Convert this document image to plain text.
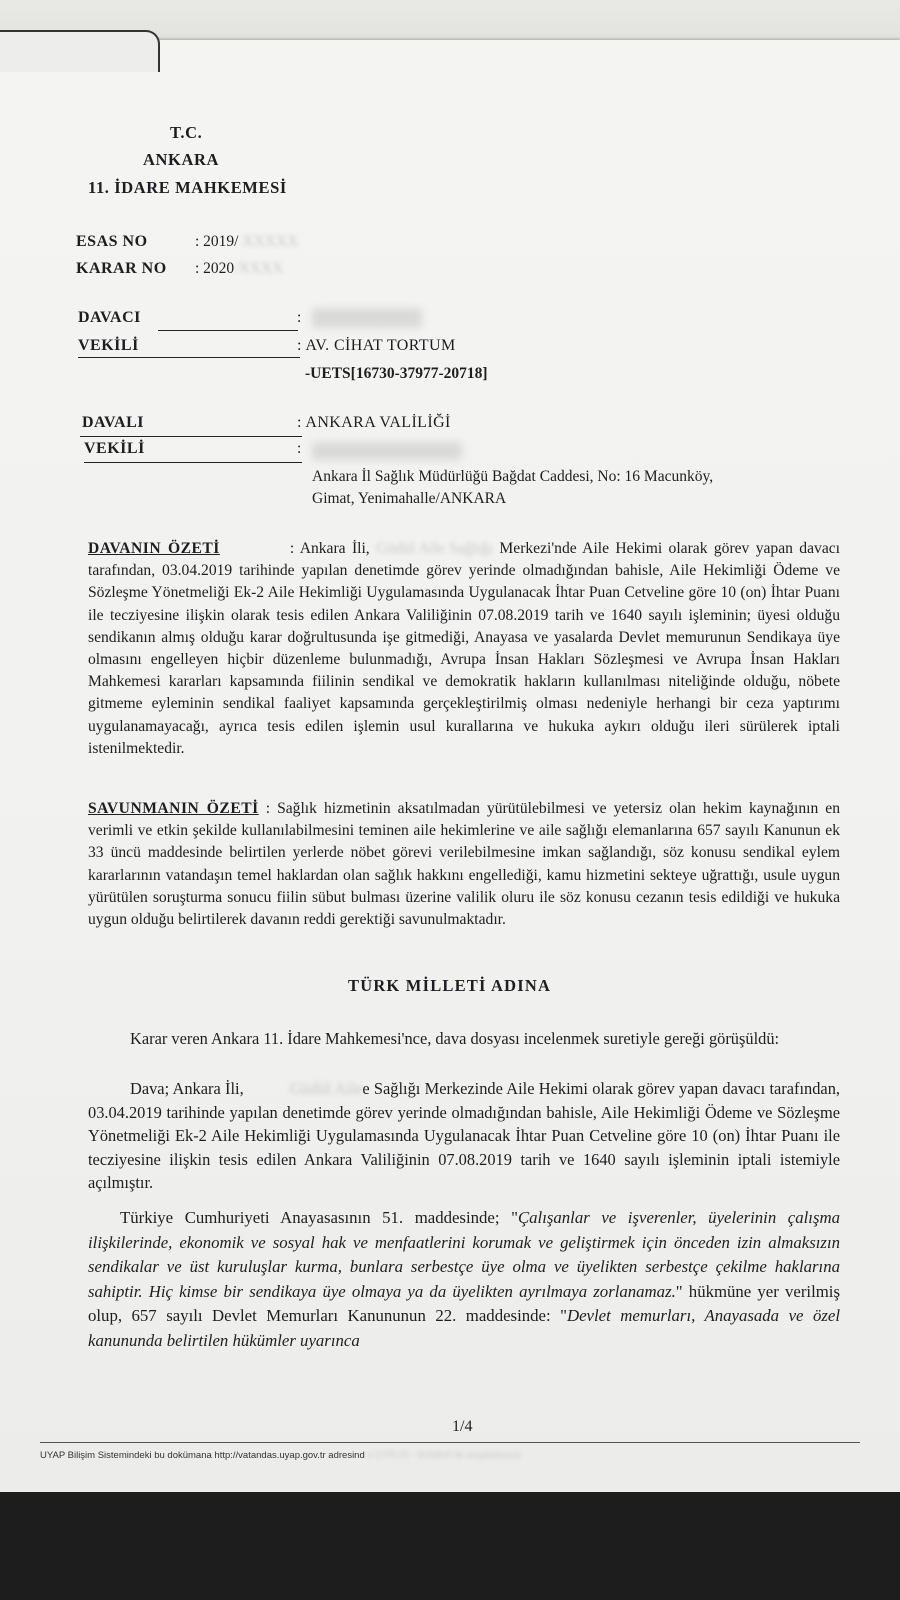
T.C.
ANKARA
11. İDARE MAHKEMESİ
ESAS NO	: 2019/ XXXXX
KARAR NO : 2020/XXXX
DAVACI	:
VEKİLİ	: AV. CİHAT TORTUM
-UETS[16730-37977-20718]
DAVALI	: ANKARA VALİLİĞİ
VEKİLİ	:
Ankara İl Sağlık Müdürlüğü Bağdat Caddesi, No: 16 Macunköy,
Gimat, Yenimahalle/ANKARA
DAVANIN ÖZETİ	: Ankara İli, Güdül Aile Sağlığı Merkezi'nde Aile Hekimi olarak görev yapan davacı tarafından, 03.04.2019 tarihinde yapılan denetimde görev yerinde olmadığından bahisle, Aile Hekimliği Ödeme ve Sözleşme Yönetmeliği Ek-2 Aile Hekimliği Uygulamasında Uygulanacak İhtar Puan Cetveline göre 10 (on) İhtar Puanı ile tecziyesine ilişkin olarak tesis edilen Ankara Valiliğinin 07.08.2019 tarih ve 1640 sayılı işleminin; üyesi olduğu sendikanın almış olduğu karar doğrultusunda işe gitmediği, Anayasa ve yasalarda Devlet memurunun Sendikaya üye olmasını engelleyen hiçbir düzenleme bulunmadığı, Avrupa İnsan Hakları Sözleşmesi ve Avrupa İnsan Hakları Mahkemesi kararları kapsamında fiilinin sendikal ve demokratik hakların kullanılması niteliğinde olduğu, nöbete gitmeme eyleminin sendikal faaliyet kapsamında gerçekleştirilmiş olması nedeniyle herhangi bir ceza yaptırımı uygulanamayacağı, ayrıca tesis edilen işlemin usul kurallarına ve hukuka aykırı olduğu ileri sürülerek iptali istenilmektedir.
SAVUNMANIN ÖZETİ : Sağlık hizmetinin aksatılmadan yürütülebilmesi ve yetersiz olan hekim kaynağının en verimli ve etkin şekilde kullanılabilmesini teminen aile hekimlerine ve aile sağlığı elemanlarına 657 sayılı Kanunun ek 33 üncü maddesinde belirtilen yerlerde nöbet görevi verilebilmesine imkan sağlandığı, söz konusu sendikal eylem kararlarının vatandaşın temel haklardan olan sağlık hakkını engellediği, kamu hizmetini sekteye uğrattığı, usule uygun yürütülen soruşturma sonucu fiilin sübut bulması üzerine valilik oluru ile söz konusu cezanın tesis edildiği ve hukuka uygun olduğu belirtilerek davanın reddi gerektiği savunulmaktadır.
TÜRK MİLLETİ ADINA
Karar veren Ankara 11. İdare Mahkemesi'nce, dava dosyası incelenmek suretiyle gereği görüşüldü:
Dava; Ankara İli,	Güdül Ailee Sağlığı Merkezinde Aile Hekimi olarak görev yapan davacı tarafından, 03.04.2019 tarihinde yapılan denetimde görev yerinde olmadığından bahisle, Aile Hekimliği Ödeme ve Sözleşme Yönetmeliği Ek-2 Aile Hekimliği Uygulamasında Uygulanacak İhtar Puan Cetveline göre 10 (on) İhtar Puanı ile tecziyesine ilişkin tesis edilen Ankara Valiliğinin 07.08.2019 tarih ve 1640 sayılı işleminin iptali istemiyle açılmıştır.
Türkiye Cumhuriyeti Anayasasının 51. maddesinde; "Çalışanlar ve işverenler, üyelerinin çalışma ilişkilerinde, ekonomik ve sosyal hak ve menfaatlerini korumak ve geliştirmek için önceden izin almaksızın sendikalar ve üst kuruluşlar kurma, bunlara serbestçe üye olma ve üyelikten serbestçe çekilme haklarına sahiptir. Hiç kimse bir sendikaya üye olmaya ya da üyelikten ayrılmaya zorlanamaz." hükmüne yer verilmiş olup, 657 sayılı Devlet Memurları Kanununun 22. maddesinde: "Devlet memurları, Anayasada ve özel kanununda belirtilen hükümler uyarınca
1/4
UYAP Bilişim Sistemindeki bu dokümana http://vatandas.uyap.gov.tr adresind e ETPL/O - 8V08hR ile erişebilirsiniz
